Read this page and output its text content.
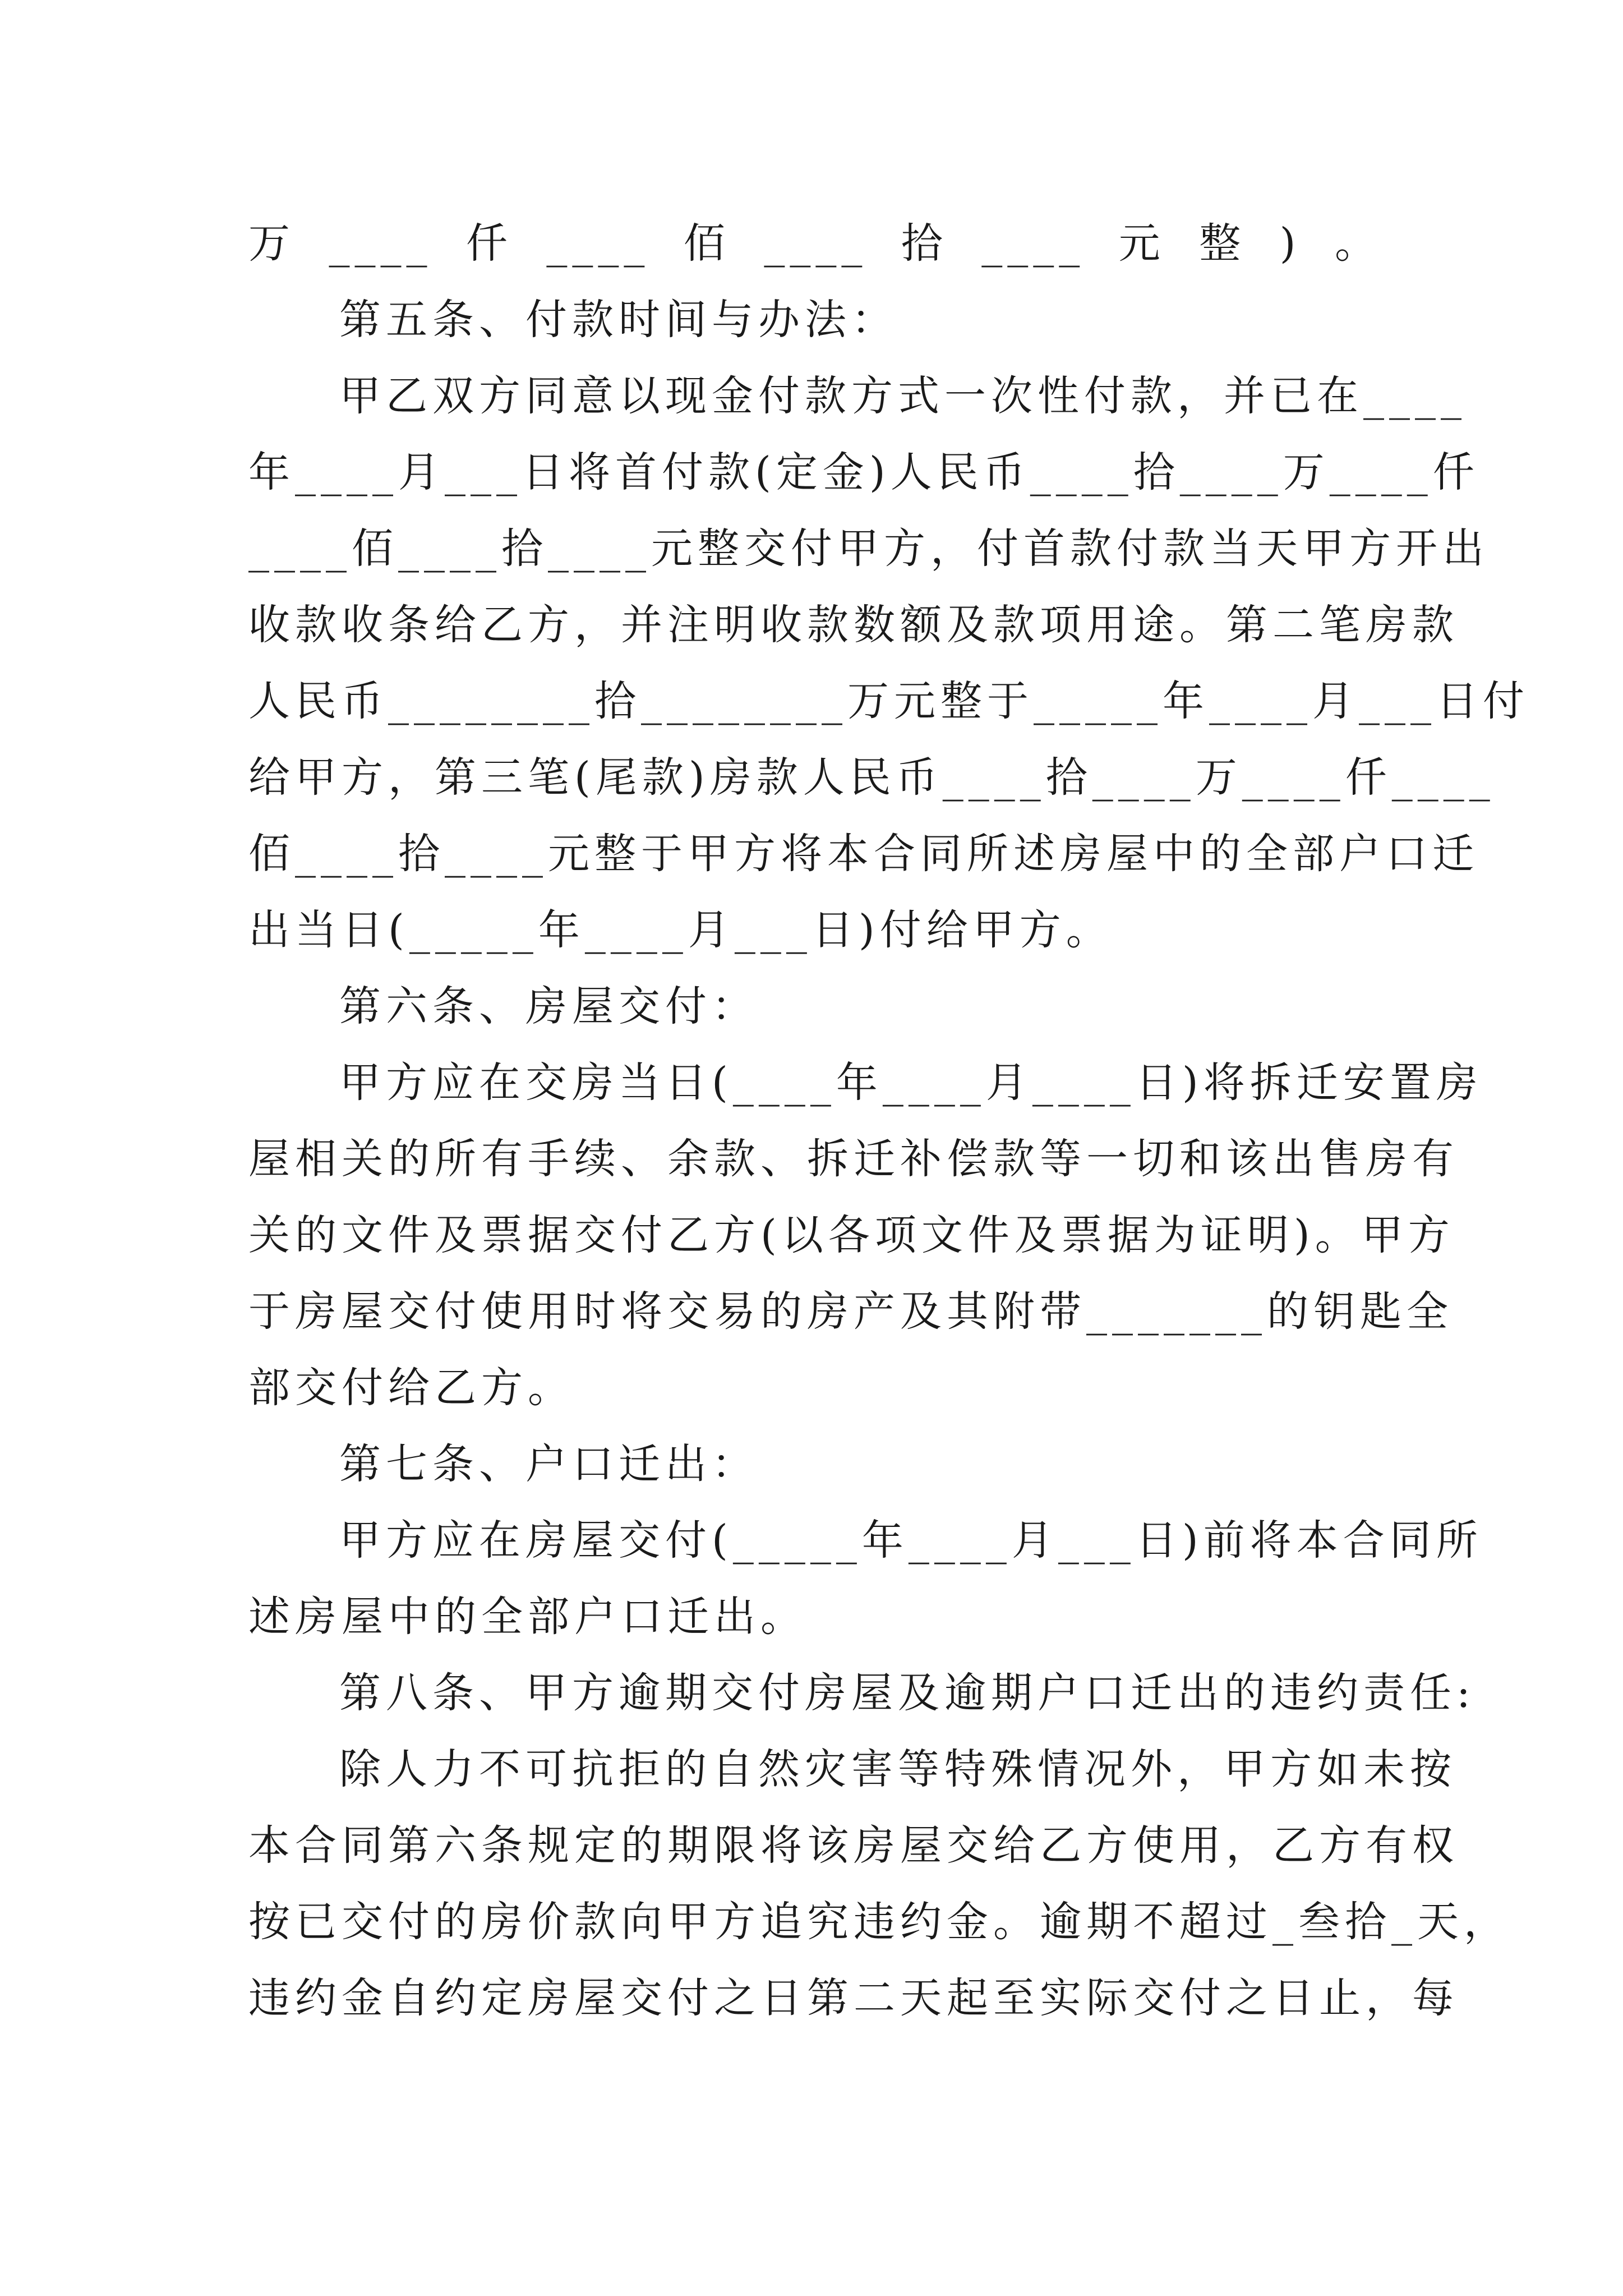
万____仟____佰____拾____元整)。
第五条、付款时间与办法：
甲乙双方同意以现金付款方式一次性付款，并已在____
年____月___日将首付款(定金)人民币____拾____万____仟
____佰____拾____元整交付甲方，付首款付款当天甲方开出
收款收条给乙方，并注明收款数额及款项用途。第二笔房款
人民币________拾________万元整于_____年____月___日付
给甲方，第三笔(尾款)房款人民币____拾____万____仟____
佰____拾____元整于甲方将本合同所述房屋中的全部户口迁
出当日(_____年____月___日)付给甲方。
第六条、房屋交付：
甲方应在交房当日(____年____月____日)将拆迁安置房
屋相关的所有手续、余款、拆迁补偿款等一切和该出售房有
关的文件及票据交付乙方(以各项文件及票据为证明)。甲方
于房屋交付使用时将交易的房产及其附带_______的钥匙全
部交付给乙方。
第七条、户口迁出：
甲方应在房屋交付(_____年____月___日)前将本合同所
述房屋中的全部户口迁出。
第八条、甲方逾期交付房屋及逾期户口迁出的违约责任:
除人力不可抗拒的自然灾害等特殊情况外，甲方如未按
本合同第六条规定的期限将该房屋交给乙方使用，乙方有权
按已交付的房价款向甲方追究违约金。逾期不超过_叁拾_天，
违约金自约定房屋交付之日第二天起至实际交付之日止，每
